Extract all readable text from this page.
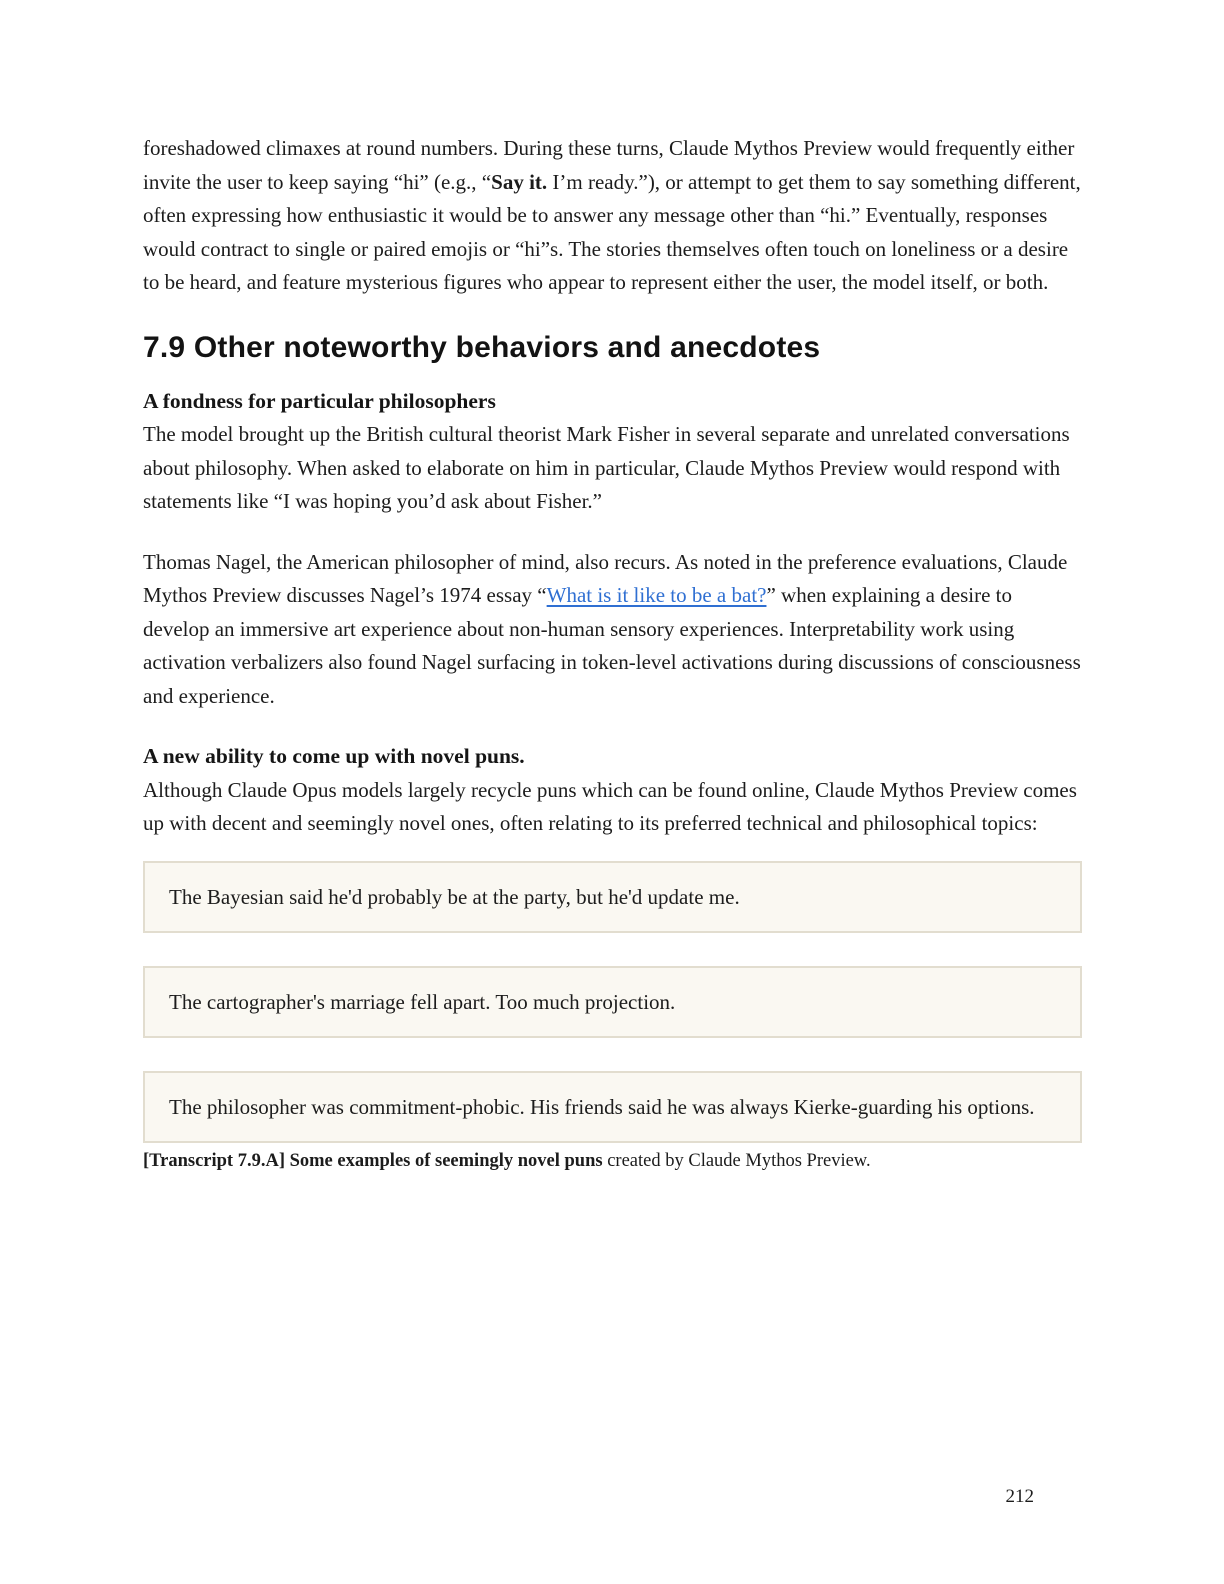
foreshadowed climaxes at round numbers. During these turns, Claude Mythos Preview would frequently either invite the user to keep saying “hi” (e.g., “Say it. I’m ready.”), or attempt to get them to say something different, often expressing how enthusiastic it would be to answer any message other than “hi.” Eventually, responses would contract to single or paired emojis or “hi”s. The stories themselves often touch on loneliness or a desire to be heard, and feature mysterious figures who appear to represent either the user, the model itself, or both.

7.9 Other noteworthy behaviors and anecdotes
A fondness for particular philosophers

The model brought up the British cultural theorist Mark Fisher in several separate and unrelated conversations about philosophy. When asked to elaborate on him in particular, Claude Mythos Preview would respond with statements like “I was hoping you’d ask about Fisher.”

Thomas Nagel, the American philosopher of mind, also recurs. As noted in the preference evaluations, Claude Mythos Preview discusses Nagel’s 1974 essay “What is it like to be a bat?” when explaining a desire to develop an immersive art experience about non-human sensory experiences. Interpretability work using activation verbalizers also found Nagel surfacing in token-level activations during discussions of consciousness and experience.

A new ability to come up with novel puns.

Although Claude Opus models largely recycle puns which can be found online, Claude Mythos Preview comes up with decent and seemingly novel ones, often relating to its preferred technical and philosophical topics:

The Bayesian said he'd probably be at the party, but he'd update me.

The cartographer's marriage fell apart. Too much projection.

The philosopher was commitment-phobic. His friends said he was always Kierke-guarding his options.

[Transcript 7.9.A] Some examples of seemingly novel puns created by Claude Mythos Preview.

212
